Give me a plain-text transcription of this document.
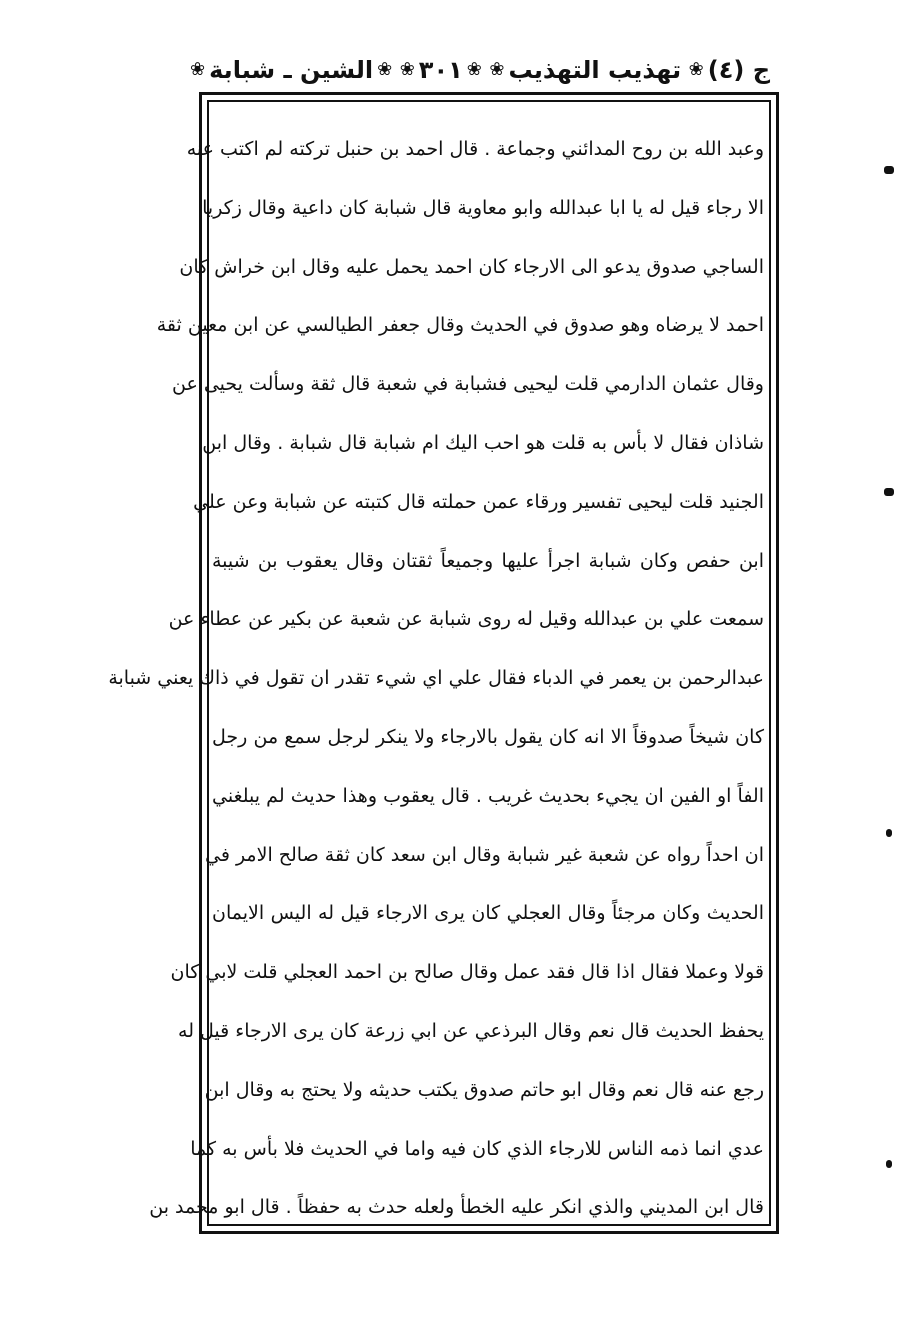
ج (٤)
❀
تهذيب التهذيب
❀
❀
٣٠١
❀
❀
الشين ـ شبابة
❀
وعبد الله بن روح المدائني وجماعة . قال احمد بن حنبل تركته لم اكتب عنه
الا رجاء قيل له يا ابا عبدالله وابو معاوية قال شبابة كان داعية وقال زكريا
الساجي صدوق يدعو الى الارجاء كان احمد يحمل عليه وقال ابن خراش كان
احمد لا يرضاه وهو صدوق في الحديث وقال جعفر الطيالسي عن ابن معين ثقة
وقال عثمان الدارمي قلت ليحيى فشبابة في شعبة قال ثقة وسألت يحيى عن
شاذان فقال لا بأس به قلت هو احب اليك ام شبابة قال شبابة . وقال ابن
الجنيد قلت ليحيى تفسير ورقاء عمن حملته قال كتبته عن شبابة وعن علي
ابن حفص وكان شبابة اجرأ عليها وجميعاً ثقتان وقال يعقوب بن شيبة
سمعت علي بن عبدالله وقيل له روى شبابة عن شعبة عن بكير عن عطاء عن
عبدالرحمن بن يعمر في الدباء فقال علي اي شيء تقدر ان تقول في ذاك يعني شبابة
كان شيخاً صدوقاً الا انه كان يقول بالارجاء ولا ينكر لرجل سمع من رجل
الفاً او الفين ان يجيء بحديث غريب . قال يعقوب وهذا حديث لم يبلغني
ان احداً رواه عن شعبة غير شبابة وقال ابن سعد كان ثقة صالح الامر في
الحديث وكان مرجئاً وقال العجلي كان يرى الارجاء قيل له اليس الايمان
قولا وعملا فقال اذا قال فقد عمل وقال صالح بن احمد العجلي قلت لابي كان
يحفظ الحديث قال نعم وقال البرذعي عن ابي زرعة كان يرى الارجاء قيل له
رجع عنه قال نعم وقال ابو حاتم صدوق يكتب حديثه ولا يحتج به وقال ابن
عدي انما ذمه الناس للارجاء الذي كان فيه واما في الحديث فلا بأس به كما
قال ابن المديني والذي انكر عليه الخطأ ولعله حدث به حفظاً . قال ابو محمد بن
